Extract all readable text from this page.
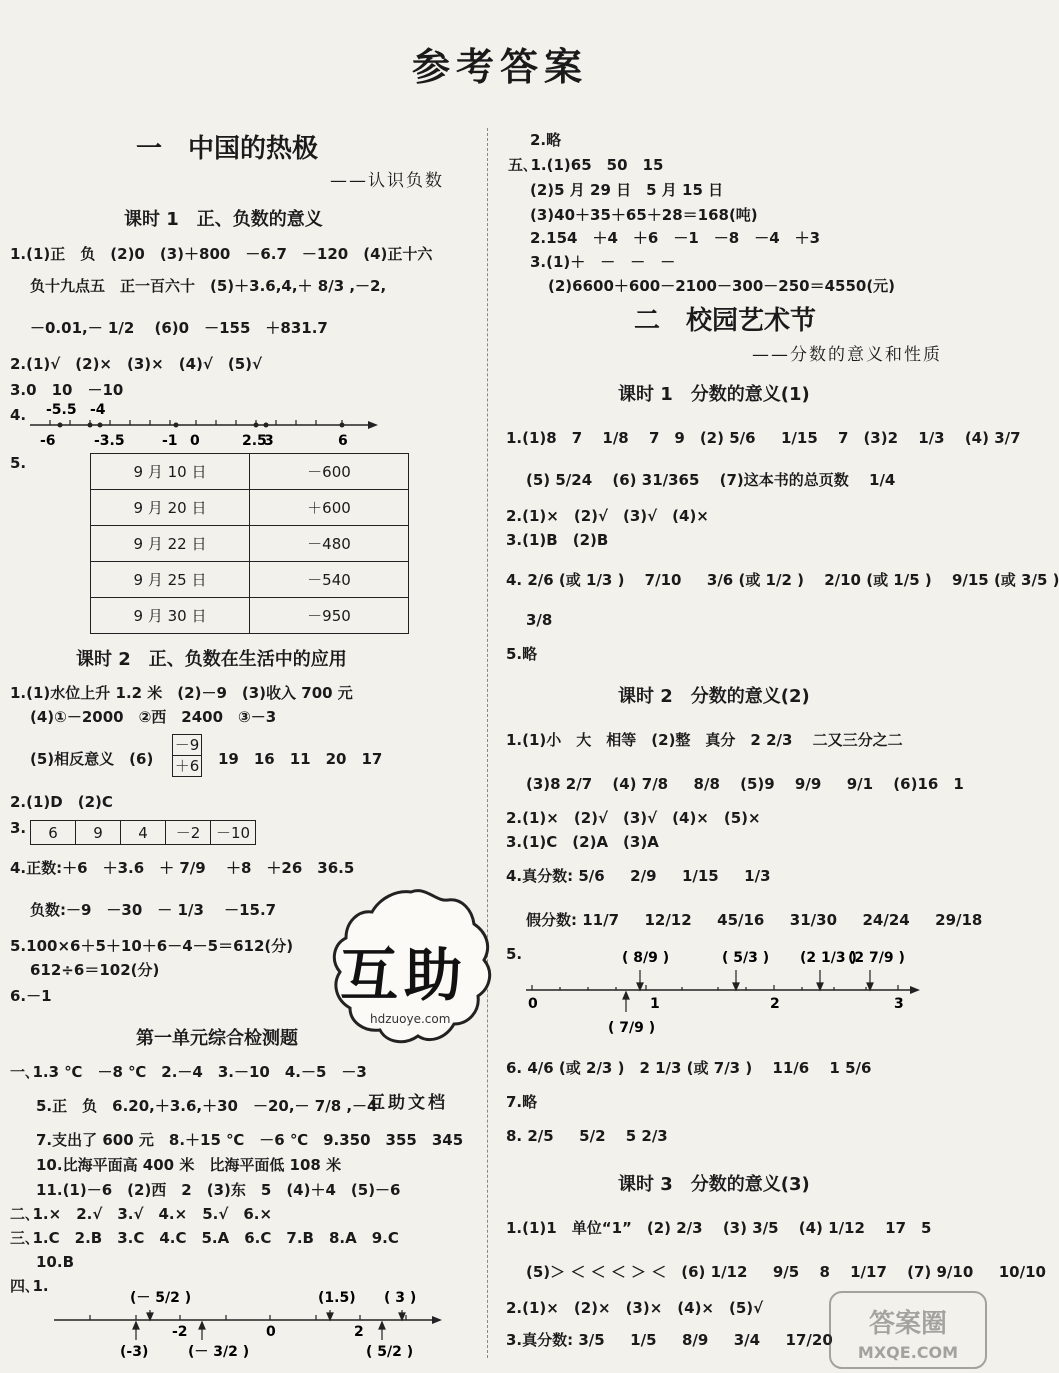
参考答案
一　中国的热极
——认识负数
课时 1　正、负数的意义
1.(1)正　负　(2)0　(3)＋800　－6.7　－120　(4)正十六
负十九点五　正一百六十　(5)＋3.6,4,＋ 8/3 ,－2,
－0.01,－ 1/2 　(6)0　－155　＋831.7
2.(1)√　(2)×　(3)×　(4)√　(5)√
3.0　10　－10
4. -5.5 -4
-6	-3.5	-1 0	2.5
3	6
5.	9 月 10 日	－600
9 月 20 日	＋600
9 月 22 日	－480
9 月 25 日	－540
9 月 30 日	－950
课时 2　正、负数在生活中的应用
1.(1)水位上升 1.2 米　(2)－9　(3)收入 700 元
(4)①－2000　②西　2400　③－3
(5)相反意义　(6)
－9
＋6 19　16　11　20　17
2.(1)D　(2)C
3. 6	9	4	－2	－10
4.正数:＋6　＋3.6　＋ 7/9 　＋8　＋26　36.5
负数:－9　－30　－ 1/3 　－15.7
5.100×6＋5＋10＋6－4－5＝612(分)
612÷6＝102(分)
6.－1
第一单元综合检测题
一､1.3 ℃　－8 ℃　2.－4　3.－10　4.－5　－3
5.正　负　6.20,＋3.6,＋30　－20,－ 7/8 ,－4
7.支出了 600 元　8.＋15 ℃　－6 ℃　9.350　355　345
10.比海平面高 400 米　比海平面低 108 米
11.(1)－6　(2)西　2　(3)东　5　(4)＋4　(5)－6
二､1.×　2.√　3.√　4.×　5.√　6.×
三､1.C　2.B　3.C　4.C　5.A　6.C　7.B　8.A　9.C
10.B
四､1.
(－ 5/2 )	(1.5) ( 3 )
-2	0	2
(-3)	(－ 3/2 )	( 5/2 )
互助
hdzuoye.com
互助文档
2.略
五､1.(1)65　50　15
(2)5 月 29 日　5 月 15 日
(3)40＋35＋65＋28＝168(吨)
2.154　＋4　＋6　－1　－8　－4　＋3
3.(1)＋　－　－　－
(2)6600＋600－2100－300－250＝4550(元)
二　校园艺术节
——分数的意义和性质
课时 1　分数的意义(1)
1.(1)8　7　 1/8 　7　9　(2) 5/6 　 1/15 　7　(3)2　 1/3 　(4) 3/7
(5) 5/24 　(6) 31/365 　(7)这本书的总页数　 1/4
2.(1)×　(2)√　(3)√　(4)×
3.(1)B　(2)B
4. 2/6 (或 1/3 )　 7/10 　 3/6 (或 1/2 )　 2/10 (或 1/5 )　 9/15 (或 3/5 )
3/8
5.略
课时 2　分数的意义(2)
1.(1)小　大　相等　(2)整　真分　2 2/3 　二又三分之二
(3)8 2/7 　(4) 7/8 　 8/8 　(5)9　 9/9 　 9/1 　(6)16　1
2.(1)×　(2)√　(3)√　(4)×　(5)×
3.(1)C　(2)A　(3)A
4.真分数: 5/6 　 2/9 　 1/15 　 1/3
假分数: 11/7 　 12/12 　 45/16 　 31/30 　 24/24 　 29/18
5.	( 8/9 )	( 5/3 ) (2 1/3 )
(2 7/9 )
0	1	2	3
( 7/9 )
6. 4/6 (或 2/3 )　2 1/3 (或 7/3 )　 11/6 　1 5/6
7.略
8. 2/5 　 5/2 　5 2/3
课时 3　分数的意义(3)
1.(1)1　单位“1”　(2) 2/3 　(3) 3/5 　(4) 1/12 　17　5
(5)＞ ＜ ＜ ＜ ＞ ＜　(6) 1/12 　 9/5 　8　 1/17 　(7) 9/10 　 10/10
2.(1)×　(2)×　(3)×　(4)×　(5)√
3.真分数: 3/5 　 1/5 　 8/9 　 3/4 　 17/20
答案圈
MXQE.COM
